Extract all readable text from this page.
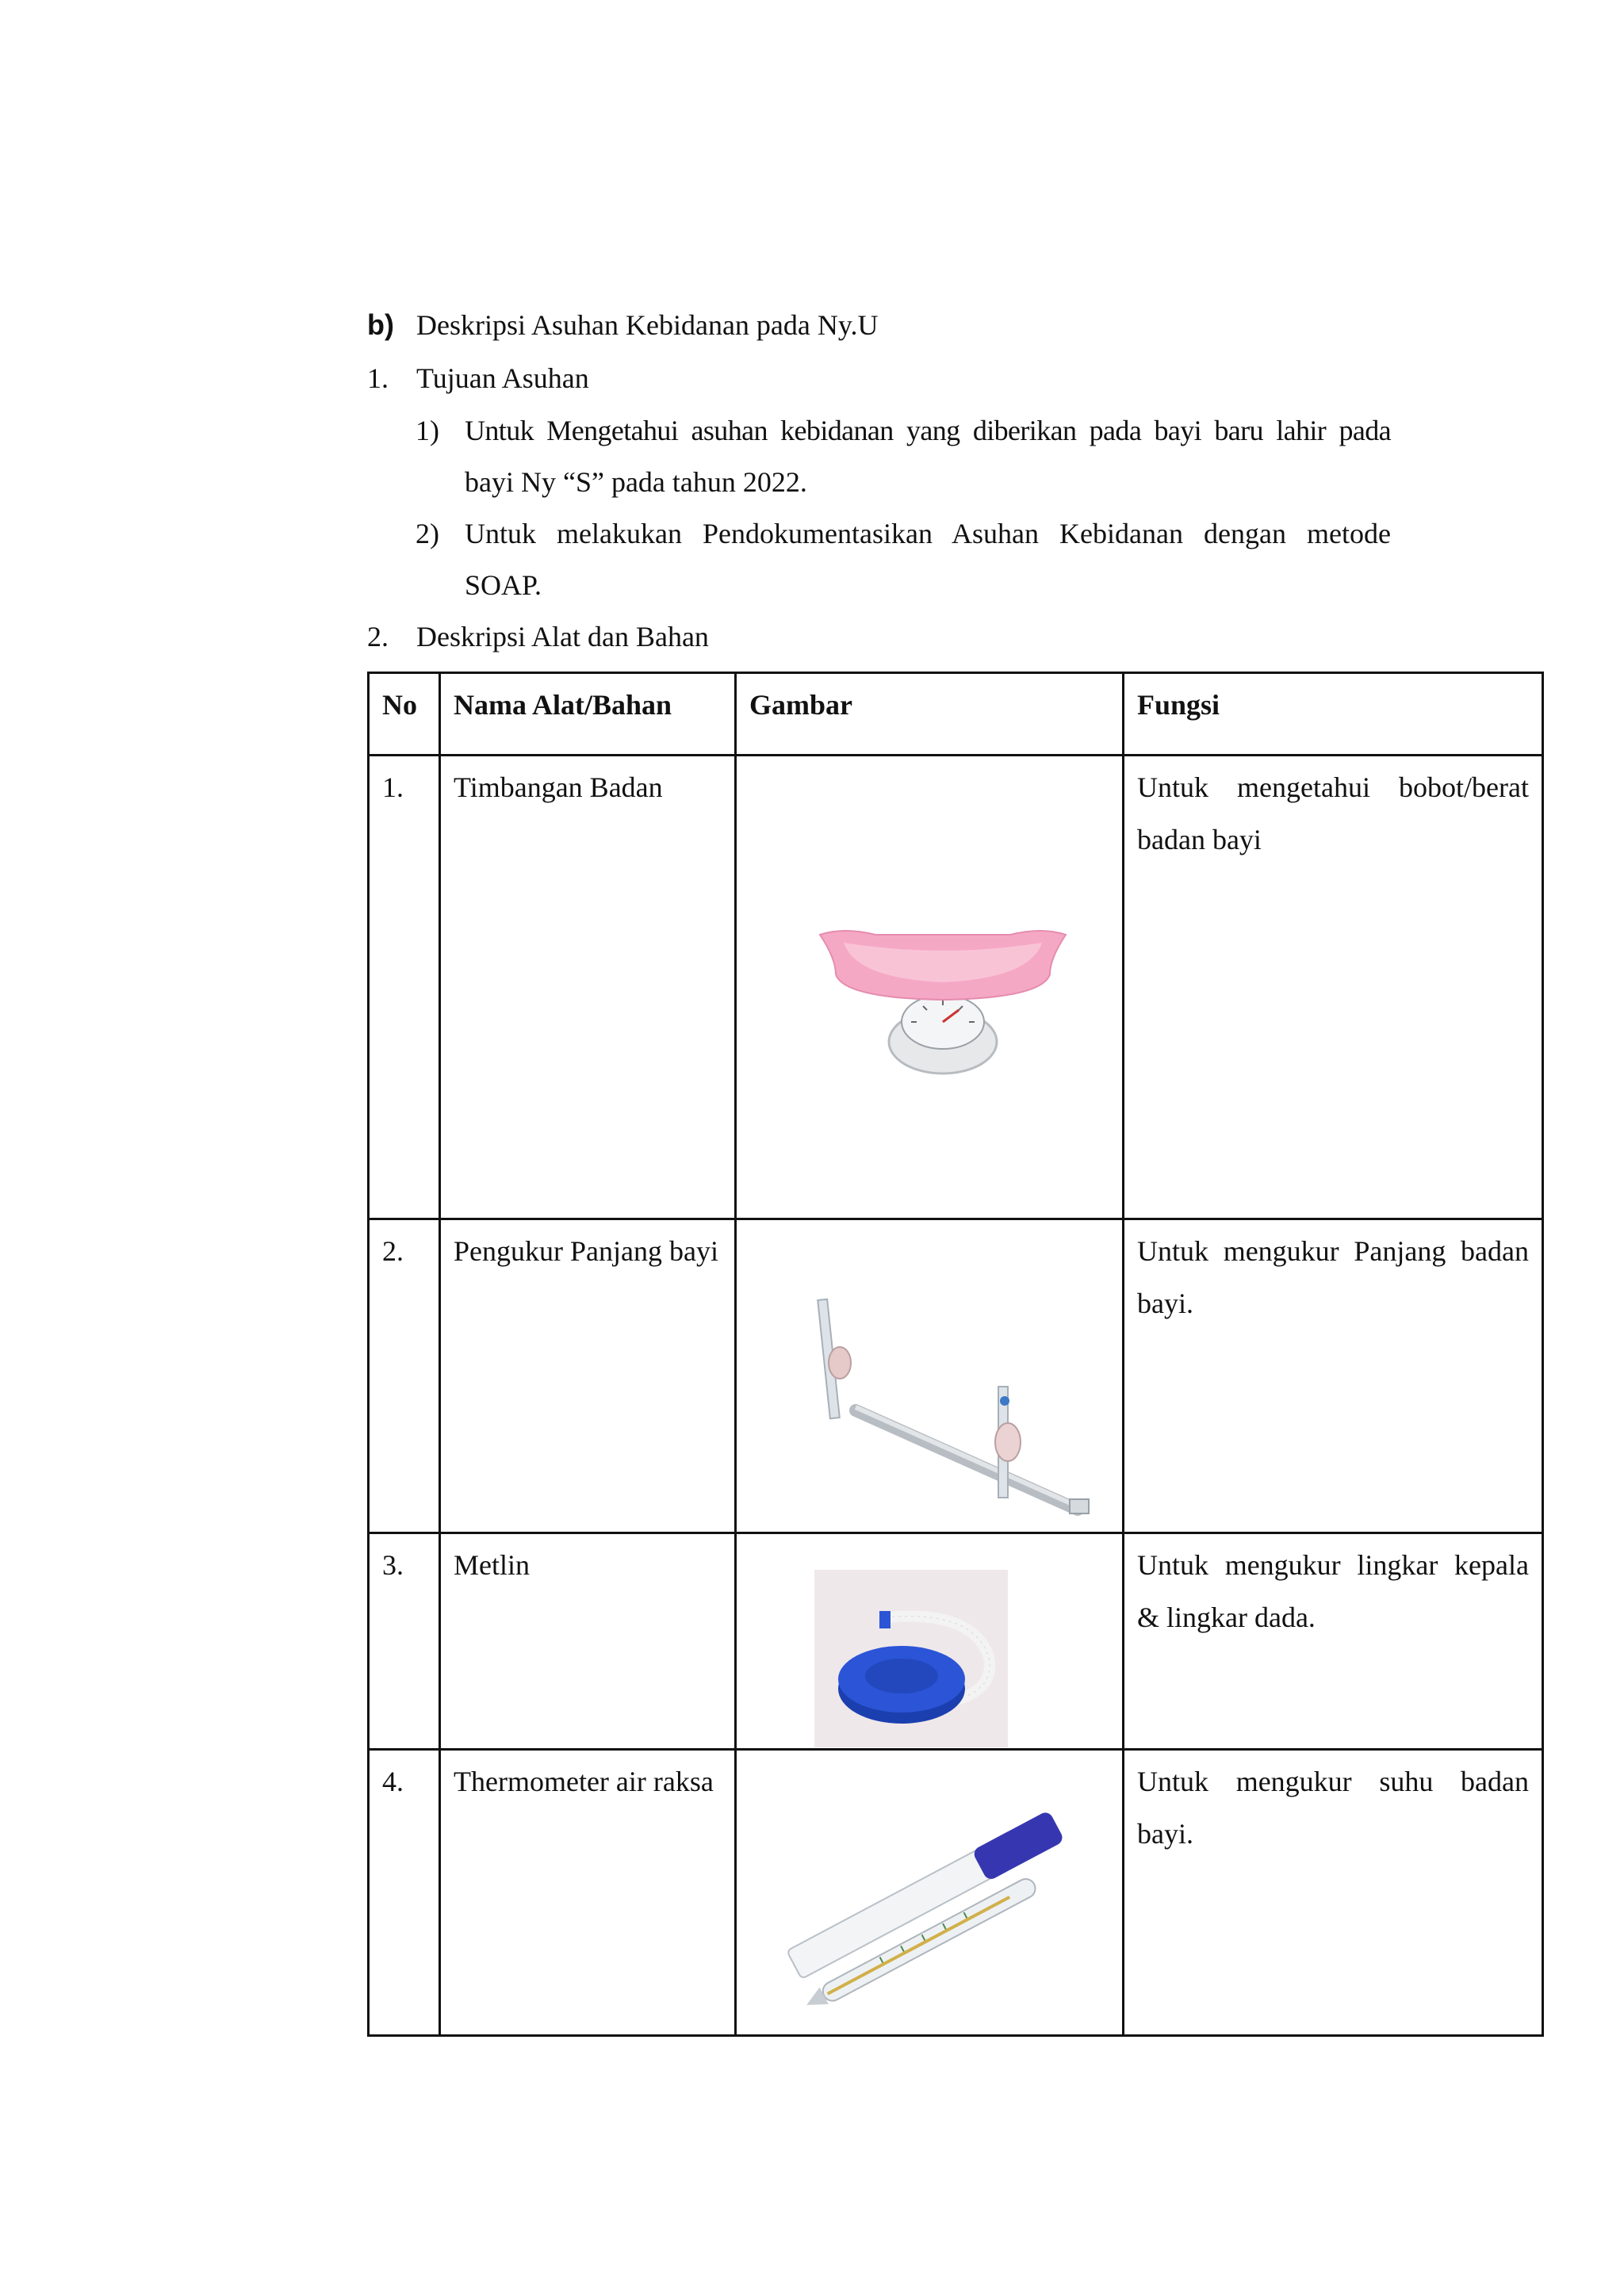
b) Deskripsi Asuhan Kebidanan pada Ny.U
1. Tujuan Asuhan
1) Untuk Mengetahui asuhan kebidanan yang diberikan pada bayi baru lahir pada
bayi Ny “S” pada tahun 2022.
2) Untuk melakukan Pendokumentasikan Asuhan Kebidanan dengan metode
SOAP.
2. Deskripsi Alat dan Bahan
No	Nama Alat/Bahan	Gambar	Fungsi
1.	Timbangan Badan		Untuk mengetahui bobot/berat badan bayi
2.	Pengukur Panjang bayi		Untuk mengukur Panjang badan bayi.
3.	Metlin		Untuk mengukur lingkar kepala & lingkar dada.
4.	Thermometer air raksa		Untuk mengukur suhu badan bayi.
